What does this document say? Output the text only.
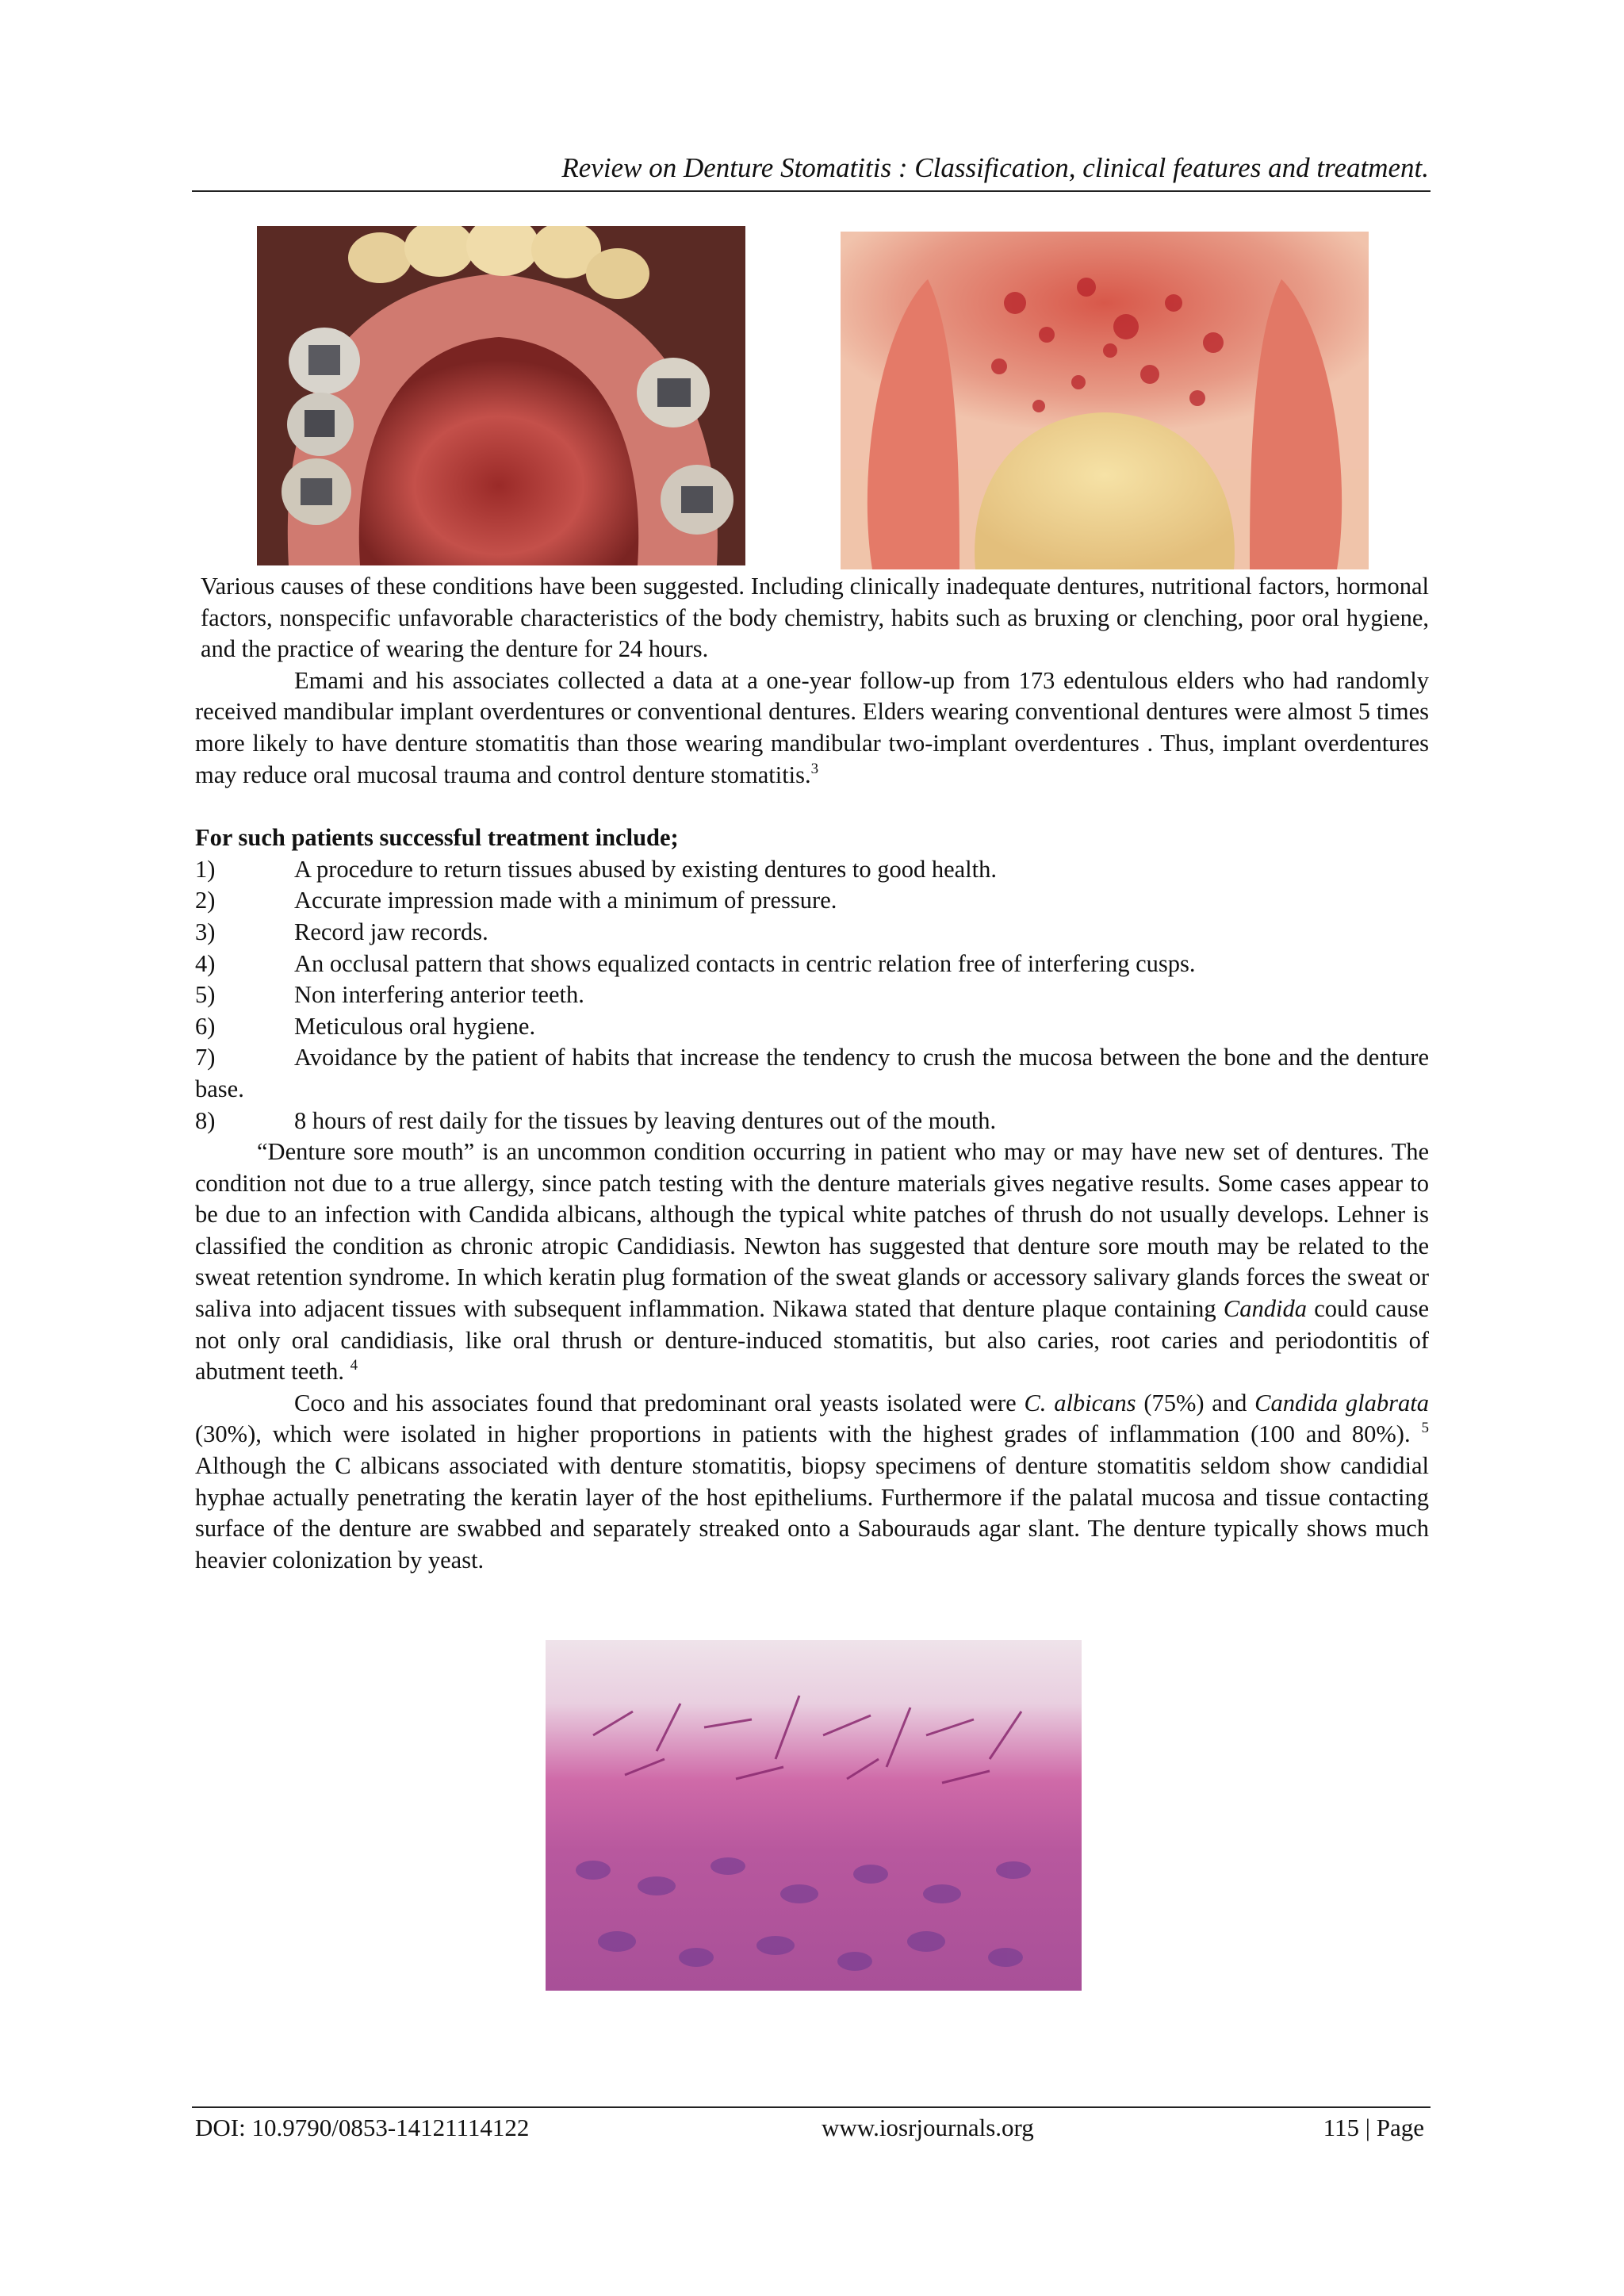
Review on Denture Stomatitis : Classification, clinical features and treatment.

Various causes of these conditions have been suggested. Including clinically inadequate dentures, nutritional factors, hormonal factors, nonspecific unfavorable characteristics of the body chemistry, habits such as bruxing or clenching, poor oral hygiene, and the practice of wearing the denture for 24 hours.

Emami and his associates collected a data at a one-year follow-up from 173 edentulous elders who had randomly received mandibular implant overdentures or conventional dentures. Elders wearing conventional dentures were almost 5 times more likely to have denture stomatitis than those wearing mandibular two-implant overdentures . Thus, implant overdentures may reduce oral mucosal trauma and control denture stomatitis.$^3$

For such patients successful treatment include;

1)	A procedure to return tissues abused by existing dentures to good health.
2)	Accurate impression made with a minimum of pressure.
3)	Record jaw records.
4)	An occlusal pattern that shows equalized contacts in centric relation free of interfering cusps.
5)	Non interfering anterior teeth.
6)	Meticulous oral hygiene.

7)	Avoidance by the patient of habits that increase the tendency to crush the mucosa between the bone and the denture base.

8)	8 hours of rest daily for the tissues by leaving dentures out of the mouth.

“Denture sore mouth” is an uncommon condition occurring in patient who may or may have new set of dentures. The condition not due to a true allergy, since patch testing with the denture materials gives negative results. Some cases appear to be due to an infection with Candida albicans, although the typical white patches of thrush do not usually develops. Lehner is classified the condition as chronic atropic Candidiasis. Newton has suggested that denture sore mouth may be related to the sweat retention syndrome. In which keratin plug formation of the sweat glands or accessory salivary glands forces the sweat or saliva into adjacent tissues with subsequent inflammation. Nikawa stated that denture plaque containing Candida could cause not only oral candidiasis, like oral thrush or denture-induced stomatitis, but also caries, root caries and periodontitis of abutment teeth. $^4$

Coco and his associates found that predominant oral yeasts isolated were C. albicans (75%) and Candida glabrata (30%), which were isolated in higher proportions in patients with the highest grades of inflammation (100 and 80%). $^5$ Although the C albicans associated with denture stomatitis, biopsy specimens of denture stomatitis seldom show candidial hyphae actually penetrating the keratin layer of the host epitheliums. Furthermore if the palatal mucosa and tissue contacting surface of the denture are swabbed and separately streaked onto a Sabourauds agar slant. The denture typically shows much heavier colonization by yeast.

DOI: 10.9790/0853-14121114122	www.iosrjournals.org	115 | Page
